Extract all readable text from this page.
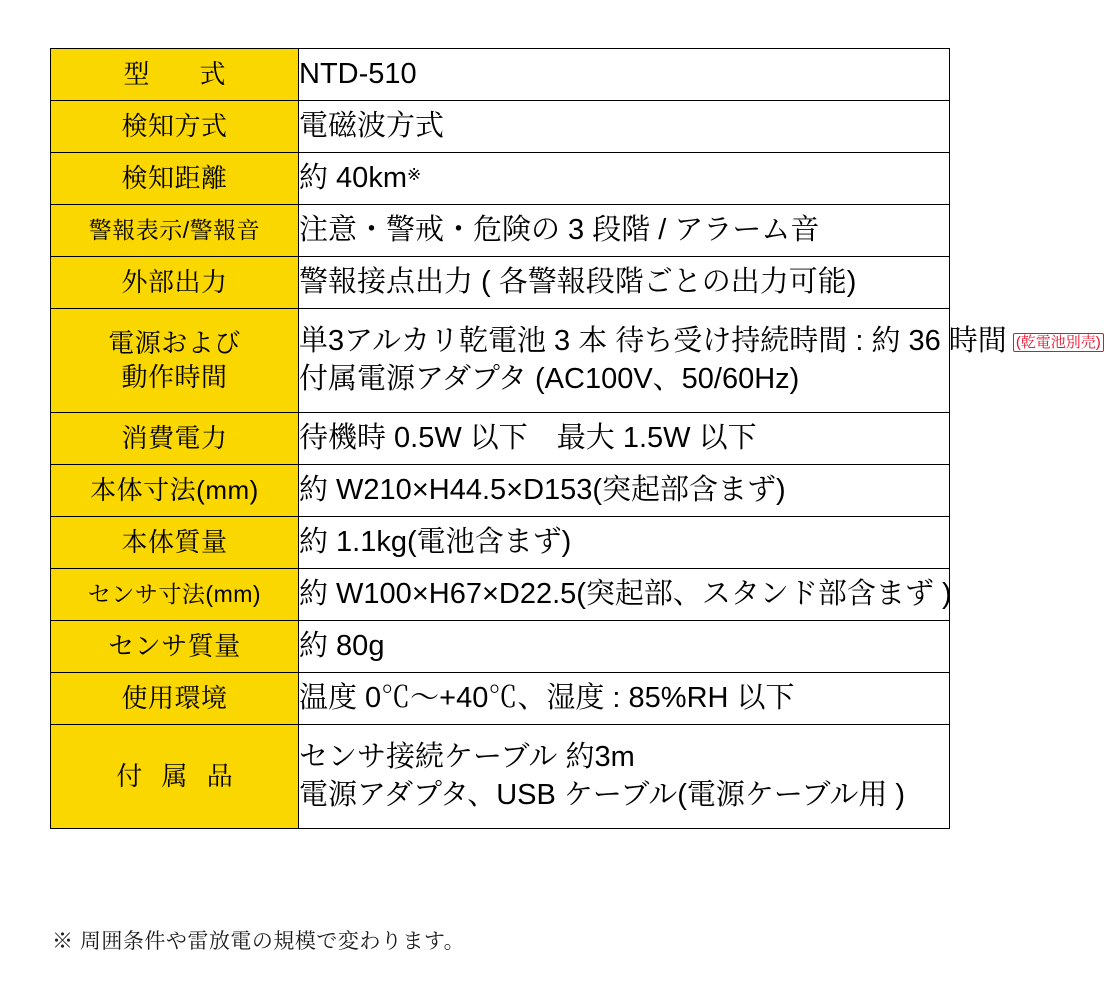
型　式	NTD-510

検知方式	電磁波方式

検知距離	約 40km※

警報表示/警報音	注意・警戒・危険の 3 段階 / アラーム音

外部出力	警報接点出力 ( 各警報段階ごとの出力可能)

電源および
動作時間	単3アルカリ乾電池 3 本 待ち受け持続時間 : 約 36 時間 (乾電池別売)
付属電源アダプタ (AC100V、50/60Hz)

消費電力	待機時 0.5W 以下　最大 1.5W 以下

本体寸法(mm)	約 W210×H44.5×D153(突起部含まず)

本体質量	約 1.1kg(電池含まず)

センサ寸法(mm)	約 W100×H67×D22.5(突起部、スタンド部含まず )

センサ質量	約 80g

使用環境	温度 0℃～+40℃、湿度 : 85%RH 以下

付 属 品	センサ接続ケーブル 約3m
電源アダプタ、USB ケーブル(電源ケーブル用 )
※ 周囲条件や雷放電の規模で変わります。
